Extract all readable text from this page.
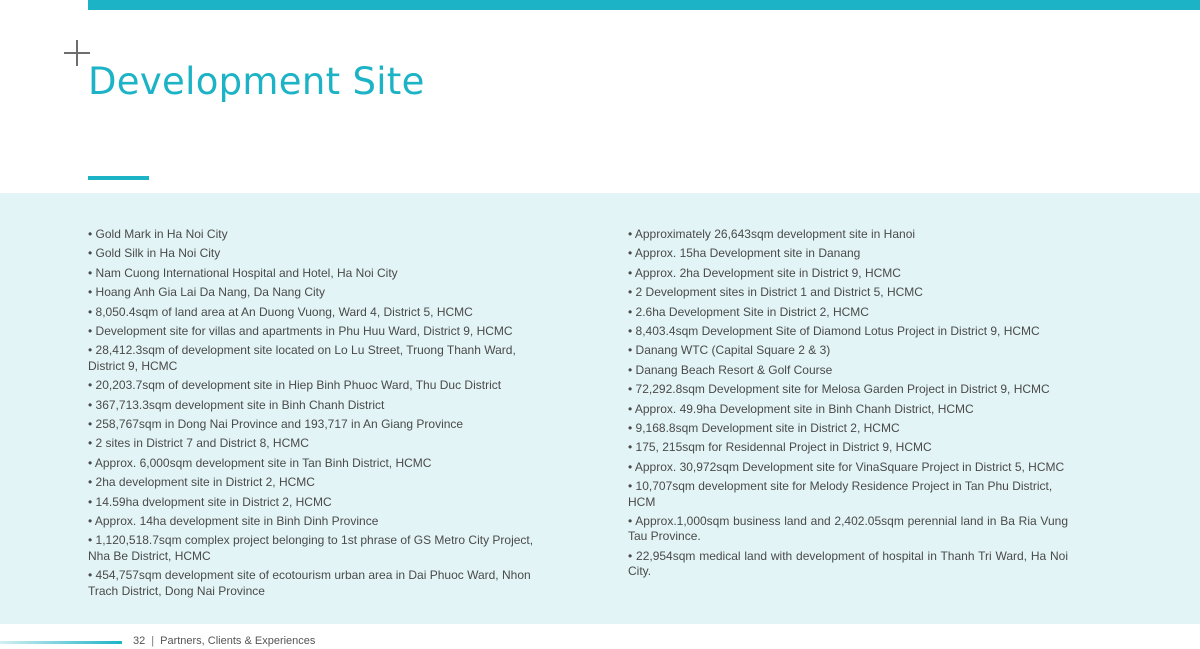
Development Site
• Gold Mark in Ha Noi City
• Gold Silk in Ha Noi City
• Nam Cuong International Hospital and Hotel, Ha Noi City
• Hoang Anh Gia Lai Da Nang, Da Nang City
• 8,050.4sqm of land area at An Duong Vuong, Ward 4, District 5, HCMC
• Development site for villas and apartments in Phu Huu Ward, District 9, HCMC
• 28,412.3sqm of development site located on Lo Lu Street, Truong Thanh Ward, District 9, HCMC
• 20,203.7sqm of development site in Hiep Binh Phuoc Ward, Thu Duc District
• 367,713.3sqm development site in Binh Chanh District
• 258,767sqm in Dong Nai Province and 193,717 in An Giang Province
• 2 sites in District 7 and District 8, HCMC
• Approx. 6,000sqm development site in Tan Binh District, HCMC
• 2ha development site in District 2, HCMC
• 14.59ha dvelopment site in District 2, HCMC
• Approx. 14ha development site in Binh Dinh Province
• 1,120,518.7sqm complex project belonging to 1st phrase of GS Metro City Project, Nha Be District, HCMC
• 454,757sqm development site of ecotourism urban area in Dai Phuoc Ward, Nhon Trach District, Dong Nai Province
• Approximately 26,643sqm development site in Hanoi
• Approx. 15ha Development site in Danang
• Approx. 2ha Development site in District 9, HCMC
• 2 Development sites in District 1 and District 5, HCMC
• 2.6ha Development Site in District 2, HCMC
• 8,403.4sqm Development Site of Diamond Lotus Project in District 9, HCMC
• Danang WTC (Capital Square 2 & 3)
• Danang Beach Resort & Golf Course
• 72,292.8sqm Development site for Melosa Garden Project in District 9, HCMC
• Approx. 49.9ha Development site in Binh Chanh District, HCMC
• 9,168.8sqm Development site in District 2, HCMC
• 175, 215sqm for Residennal Project in District 9, HCMC
• Approx. 30,972sqm Development site for VinaSquare Project in District 5, HCMC
• 10,707sqm development site for Melody Residence Project in Tan Phu District, HCM
• Approx.1,000sqm business land and 2,402.05sqm perennial land in Ba Ria Vung Tau Province.
• 22,954sqm medical land with development of hospital in Thanh Tri Ward, Ha Noi City.
32 | Partners, Clients & Experiences
